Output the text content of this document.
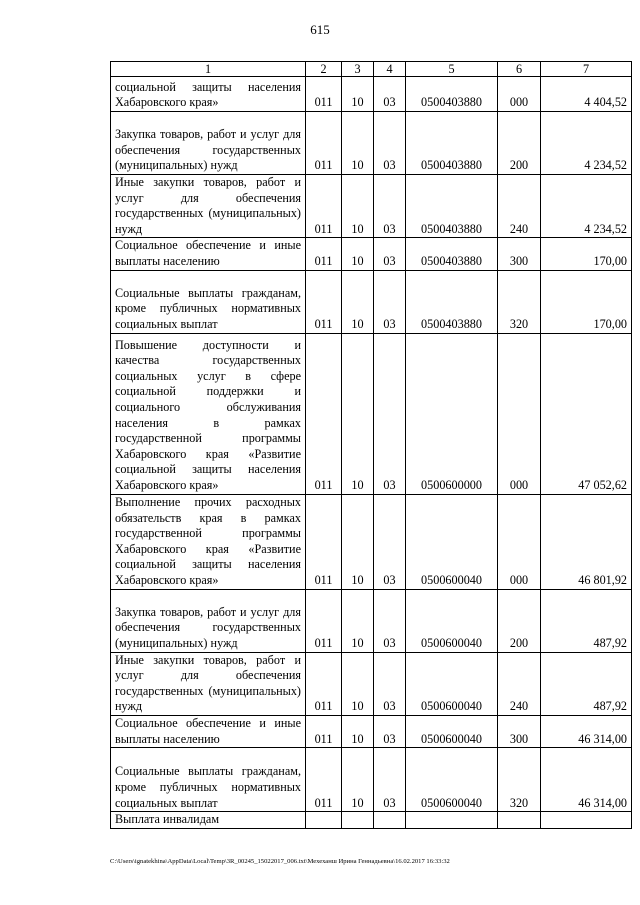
615
1	2	3	4	5	6	7
социальной защиты населения Хабаровского края»	011	10	03	0500403880	000	4 404,52
Закупка товаров, работ и услуг для обеспечения государственных (муниципальных) нужд	011	10	03	0500403880	200	4 234,52
Иные закупки товаров, работ и услуг для обеспечения государственных (муниципальных) нужд	011	10	03	0500403880	240	4 234,52
Социальное обеспечение и иные выплаты населению	011	10	03	0500403880	300	170,00
Социальные выплаты гражданам, кроме публичных нормативных социальных выплат	011	10	03	0500403880	320	170,00
Повышение доступности и качества государственных социальных услуг в сфере социальной поддержки и социального обслуживания населения в рамках государственной программы Хабаровского края «Развитие социальной защиты населения Хабаровского края»	011	10	03	0500600000	000	47 052,62
Выполнение прочих расходных обязательств края в рамках государственной программы Хабаровского края «Развитие социальной защиты населения Хабаровского края»	011	10	03	0500600040	000	46 801,92
Закупка товаров, работ и услуг для обеспечения государственных (муниципальных) нужд	011	10	03	0500600040	200	487,92
Иные закупки товаров, работ и услуг для обеспечения государственных (муниципальных) нужд	011	10	03	0500600040	240	487,92
Социальное обеспечение и иные выплаты населению	011	10	03	0500600040	300	46 314,00
Социальные выплаты гражданам, кроме публичных нормативных социальных выплат	011	10	03	0500600040	320	46 314,00
Выплата инвалидам						
C:\Users\ignatekhina\AppData\Local\Temp\3R_00245_15022017_006.txt\Мехеханш Ирина Геннадьевна\16.02.2017 16:33:32
